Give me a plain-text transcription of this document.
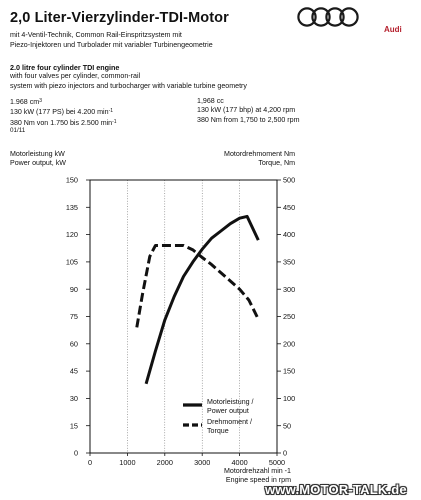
2,0 Liter-Vierzylinder-TDI-Motor
mit 4-Ventil-Technik, Common Rail-Einspritzsystem mit
Piezo-Injektoren und Turbolader mit variabler Turbinengeometrie
2.0 litre four cylinder TDI engine
with four valves per cylinder, common-rail
system with piezo injectors and turbocharger with variable turbine geometry
1.968 $cm^3$
130 kW (177 PS) bei 4.200 $\min^{-1}$
380 Nm von 1.750 bis 2.500 $\min^{-1}$
1,968 cc
130 kW (177 bhp) at 4,200 rpm
380 Nm from 1,750 to 2,500 rpm
01/11
Audi
Motorleistung kW
Power output, kW
Motordrehmoment Nm
Torque, Nm
0
15
30
45
60
75
90
105
120
135
150
0
50
100
150
200
250
300
350
400
450
500
0	1000	2000	3000	4000	5000
Motorleistung /
Power output
Drehmoment /
Torque
Motordrehzahl min -1
Engine speed in rpm
www.MOTOR-TALK.de
